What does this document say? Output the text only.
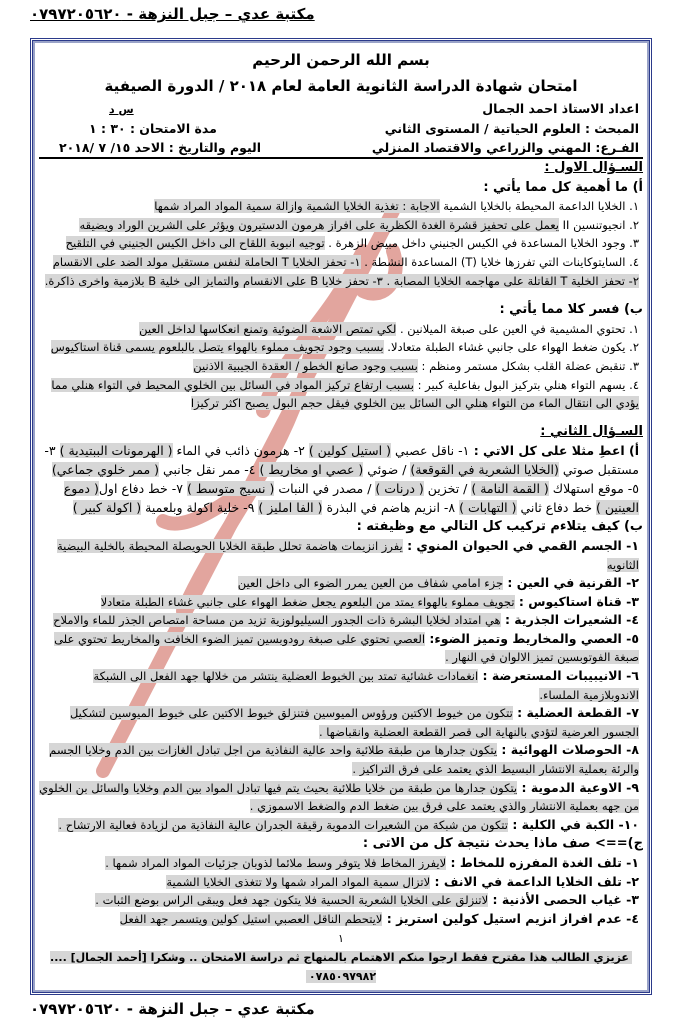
مكتبة عدي – جبل النزهة - ٠٧٩٧٢٠٥٦٢٠
بسم الله الرحمن الرحيم
امتحان شهادة الدراسة الثانوية العامة لعام ٢٠١٨ / الدورة الصيفية
اعداد الاستاذ احمد الجمال
س د
المبحث : العلوم الحياتية / المستوى الثاني
مدة الامتحان : ٣٠ : ١
الفـرع: المهني والزراعي والاقتصاد المنزلي
اليوم والتاريخ : الاحد ١٥/ ٧ /٢٠١٨
السـؤال الاول :
أ) ما أهمية كل مما يأتي :
١. الخلايا الداعمة المحيطة بالخلايا الشمية الاجابة : تغذية الخلايا الشمية وازالة سمية المواد المراد شمها
٢. انجيوتنسين II يعمل على تحفيز قشرة الغدة الكظرية على افراز هرمون الدستيرون ويؤثر على الشرين الوراد ويضيقه
٣. وجود الخلايا المساعدة في الكيس الجنيني داخل مبيض الزهرة . توجيه انبوبة اللقاح الى داخل الكيس الجنيني في التلقيح
٤. السايتوكاينات التي تفرزها خلايا (T) المساعدة النشطة . ١- تحفز الخلايا T الحاملة لنفس مستقبل مولد الضد على الانقسام ٢- تحفز الخلية T القاتلة على مهاجمه الخلايا المصابة . ٣- تحفز خلايا B على الانقسام والتمايز الى خلية B بلازمية واخرى ذاكرة.
ب) فسر كلا مما يأتي :
١. تحتوي المشيمية في العين على صبغة الميلانين . لكي تمتص الاشعة الضوئية وتمنع انعكاسها لداخل العين
٢. يكون ضغط الهواء على جانبي غشاء الطبلة متعادلا. بسبب وجود تجويف مملوء بالهواء يتصل بالبلعوم يسمى قناة استاكيوس
٣. تنقبض عضلة القلب بشكل مستمر ومنظم : بسبب وجود صانع الخطو / العقدة الجيبية الاذنين
٤. يسهم التواء هنلي بتركيز البول بفاعلية كبير : بسبب ارتفاع تركيز المواد في السائل بين الخلوي المحيط في التواء هنلي مما يؤدي الى انتقال الماء من التواء هنلي الى السائل بين الخلوي فيقل حجم البول يصبح اكثر تركيزا
السـؤال الثاني :
أ) اعطِ مثلا على كل الاتي : ١- ناقل عصبي ( استيل كولين ) ٢- هرمون ذائب في الماء ( الهرمونات الببتيدية ) ٣- مستقبل صوتي (الخلايا الشعرية في القوقعة) / ضوئي ( عصي او مخاريط ) ٤- ممر نقل جانبي ( ممر خلوي جماعي) ٥- موقع استهلاك ( القمة النامة ) / تخزين ( درنات ) / مصدر في النبات ( نسيج متوسط ) ٧- خط دفاع اول( دموع العينين ) خط دفاع ثاني ( التهابات ) ٨- انزيم هاضم في البذرة ( الفا امليز ) ٩- خلية اكولة وبلعمية ( اكولة كبير )
ب) كيف يتلاءم تركيب كل التالي مع وظيفته :
١- الجسم القمي في الحيوان المنوي : يفرز انزيمات هاضمة تحلل طبقة الخلايا الحويصلة المحيطة بالخلية البيضية الثانويه
٢- القرنية في العين : جزء امامي شفاف من العين يمرر الضوء الى داخل العين
٣- قناة استاكيوس : تجويف مملوء بالهواء يمتد من البلعوم يجعل ضغط الهواء على جانبي غشاء الطبلة متعادلا
٤- الشعيرات الجذرية : هي امتداد لخلايا البشرة ذات الجدور السيليولوزية تزيد من مساحة امتصاص الجذر للماء والاملاح
٥- العصي والمخاريط وتميز الضوء: العصي تحتوي على صبغة رودوبسين تميز الضوء الخافت والمخاريط تحتوي على صبغة الفوتوبسين تميز الالوان في النهار .
٦- الانيبيبات المستعرضة : انغمادات غشائية تمتد بين الخيوط العضلية ينتشر من خلالها جهد الفعل الى الشبكة الاندوبلازمية الملساء.
٧- القطعة العضلية : تتكون من خيوط الاكتين ورؤوس الميوسين فتنزلق خيوط الاكتين على خيوط الميوسين لتشكيل الجسور العرضية لتؤدي بالنهاية الى قصر القطعة العضلية وانقباضها .
٨- الحوصلات الهوائية : يتكون جدارها من طبقة طلائية واحد عالية النفاذية من اجل تبادل الغازات بين الدم وخلايا الجسم والرئة بعملية الانتشار البسيط الذي يعتمد على فرق التراكيز .
٩- الاوعية الدموية : يتكون جدارها من طبقة من خلايا طلائية بحيث يتم فيها تبادل المواد بين الدم وخلايا والسائل بن الخلوي من جهه بعملية الانتشار والذي يعتمد على فرق بين ضغط الدم والضغط الاسموزي .
١٠- الكبة في الكلية : تتكون من شبكة من الشعيرات الدموية رقيقة الجدران عالية النفاذية من لزيادة فعالية الارتشاح .
ج)==> صف ماذا يحدث نتيجة كل من الاتى :
١- تلف الغدة المفرزه للمخاط : لايفرز المخاط فلا يتوفر وسط ملائما لذوبان جزئيات المواد المراد شمها .
٢- تلف الخلايا الداعمة في الانف : لاتزال سمية المواد المراد شمها ولا تتغذى الخلايا الشمية
٣- غياب الحصى الأذنية : لاتنزلق على الخلايا الشعرية الحسية فلا يتكون جهد فعل ويبقى الراس بوضع الثبات .
٤- عدم افراز انزيم استيل كولين استريز : لايتحطم الناقل العصبي استيل كولين ويتسمر جهد الفعل
١
عزيزي الطالب هذا مقترح فقط ارجوا منكم الاهتمام بالمنهاج ثم دراسة الامتحان .. وشكرا [أحمد الجمال] .... ٠٧٨٥٠٩٧٩٨٢
مكتبة عدي – جبل النزهة - ٠٧٩٧٢٠٥٦٢٠
